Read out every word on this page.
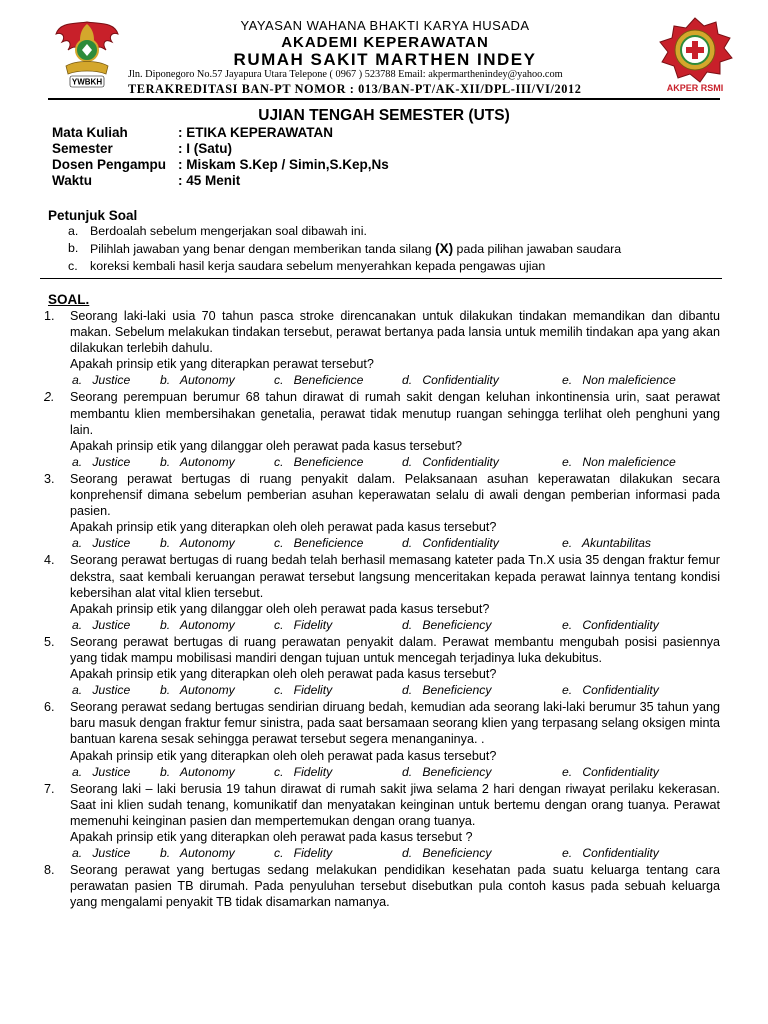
YWBKH
YAYASAN WAHANA BHAKTI KARYA HUSADA
AKADEMI KEPERAWATAN
RUMAH SAKIT MARTHEN INDEY
Jln. Diponegoro No.57 Jayapura Utara Telepone ( 0967 ) 523788 Email: akpermarthenindey@yahoo.com
TERAKREDITASI BAN-PT NOMOR : 013/BAN-PT/AK-XII/DPL-III/VI/2012	AKPER RSMI
UJIAN TENGAH SEMESTER (UTS)
Mata Kuliah	: ETIKA KEPERAWATAN
Semester	: I (Satu)
Dosen Pengampu : Miskam S.Kep / Simin,S.Kep,Ns
Waktu	: 45 Menit
Petunjuk Soal
a. Berdoalah sebelum mengerjakan soal dibawah ini.
b. Pilihlah jawaban yang benar dengan memberikan tanda silang (X) pada pilihan jawaban saudara
c. koreksi kembali hasil kerja saudara sebelum menyerahkan kepada pengawas ujian
SOAL.
1.	Seorang laki-laki usia 70 tahun pasca stroke direncanakan untuk dilakukan tindakan memandikan dan dibantu makan. Sebelum melakukan tindakan tersebut, perawat bertanya pada lansia untuk memilih tindakan apa yang akan dilakukan terlebih dahulu.
Apakah prinsip etik yang diterapkan perawat tersebut?
a.   Justice	b.   Autonomy	c.   Beneficience	d.   Confidentiality	e.   Non maleficience
2.	Seorang perempuan berumur 68 tahun dirawat di rumah sakit dengan keluhan inkontinensia urin, saat perawat membantu klien membersihakan genetalia, perawat tidak menutup ruangan sehingga terlihat oleh penghuni yang lain.
Apakah prinsip etik yang dilanggar oleh perawat pada kasus tersebut?
a.   Justice	b.   Autonomy	c.   Beneficience	d.   Confidentiality	e.   Non maleficience
3.	Seorang perawat bertugas di ruang penyakit dalam. Pelaksanaan asuhan keperawatan dilakukan secara konprehensif dimana sebelum pemberian asuhan keperawatan selalu di awali dengan pemberian informasi pada pasien.
Apakah prinsip etik yang diterapkan oleh oleh perawat pada kasus tersebut?
a.   Justice	b.   Autonomy	c.   Beneficience	d.   Confidentiality	e.   Akuntabilitas
4.	Seorang perawat bertugas di ruang bedah telah berhasil memasang kateter pada Tn.X usia 35 dengan fraktur femur dekstra, saat kembali keruangan perawat tersebut langsung menceritakan kepada perawat lainnya tentang kondisi kebersihan alat vital klien tersebut.
Apakah prinsip etik yang dilanggar oleh oleh perawat pada kasus tersebut?
a.   Justice	b.   Autonomy	c.   Fidelity	d.   Beneficiency	e.   Confidentiality
5.	Seorang perawat bertugas di ruang perawatan penyakit dalam. Perawat membantu mengubah posisi pasiennya yang tidak mampu mobilisasi mandiri dengan tujuan untuk mencegah terjadinya luka dekubitus.
Apakah prinsip etik yang diterapkan oleh oleh perawat pada kasus tersebut?
a.   Justice	b.   Autonomy	c.   Fidelity	d.   Beneficiency	e.   Confidentiality
6.	Seorang perawat sedang bertugas sendirian diruang bedah, kemudian ada seorang laki-laki berumur 35 tahun yang baru masuk dengan fraktur femur sinistra, pada saat bersamaan seorang klien yang terpasang selang oksigen minta bantuan karena sesak sehingga perawat tersebut segera menanganinya. .
Apakah prinsip etik yang diterapkan oleh oleh perawat pada kasus tersebut?
a.   Justice	b.   Autonomy	c.   Fidelity	d.   Beneficiency	e.   Confidentiality
7.	Seorang laki – laki berusia 19 tahun dirawat di rumah sakit jiwa selama 2 hari dengan riwayat perilaku kekerasan. Saat ini klien sudah tenang, komunikatif dan menyatakan keinginan untuk bertemu dengan orang tuanya. Perawat memenuhi keinginan pasien dan mempertemukan dengan orang tuanya.
Apakah prinsip etik yang diterapkan oleh perawat pada kasus tersebut ?
a.   Justice	b.   Autonomy	c.   Fidelity	d.   Beneficiency	e.   Confidentiality
8.	Seorang perawat yang bertugas sedang melakukan pendidikan kesehatan pada suatu keluarga tentang cara perawatan pasien TB dirumah. Pada penyuluhan tersebut disebutkan pula contoh kasus pada sebuah keluarga yang mengalami penyakit TB tidak disamarkan namanya.
